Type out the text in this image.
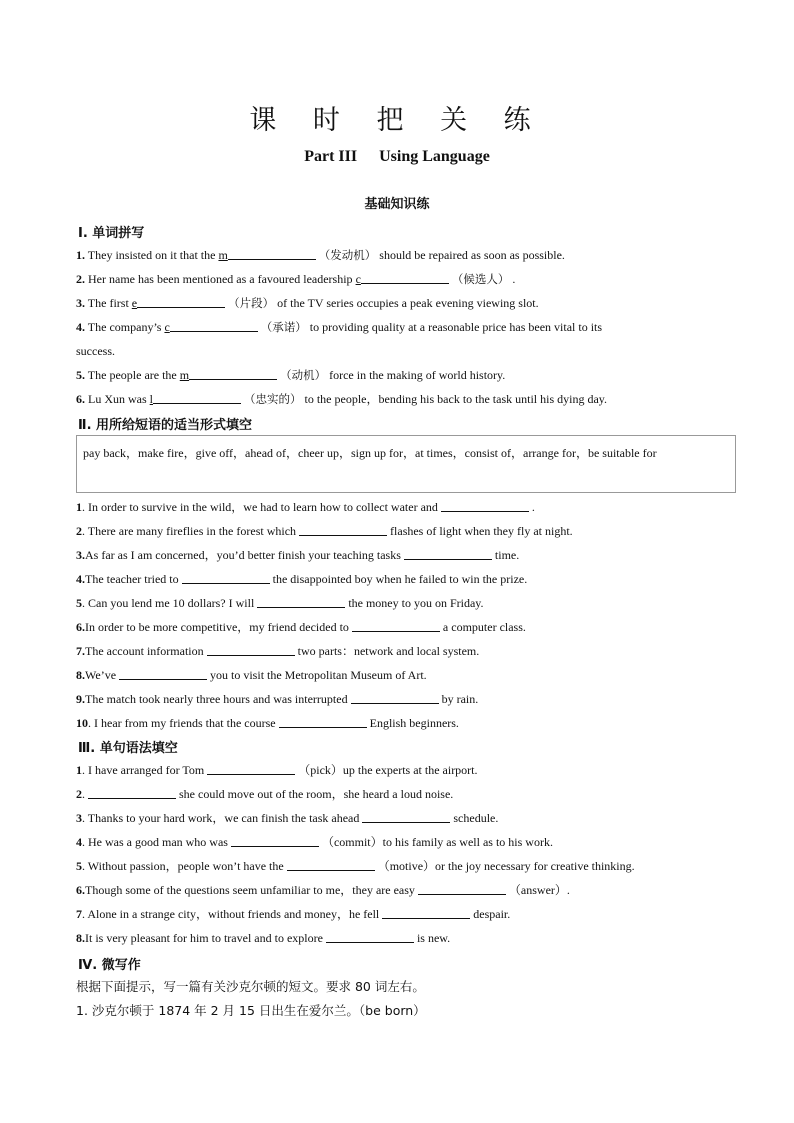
课 时 把 关 练
Part III Using Language
基础知识练
Ⅰ. 单词拼写
1. They insisted on it that the m	（发动机） should be repaired as soon as possible.
2. Her name has been mentioned as a favoured leadership c	（候选人） .
3. The first e	（片段） of the TV series occupies a peak evening viewing slot.
4. The company’s c	（承诺） to providing quality at a reasonable price has been vital to its
success.
5. The people are the m	（动机） force in the making of world history.
6. Lu Xun was l	（忠实的） to the people，bending his back to the task until his dying day.
Ⅱ. 用所给短语的适当形式填空
pay back，make fire，give off，ahead of，cheer up，sign up for，at times，consist of，arrange for，be suitable for
1. In order to survive in the wild，we had to learn how to collect water and	.
2. There are many fireflies in the forest which	flashes of light when they fly at night.
3.As far as I am concerned，you’d better finish your teaching tasks	time.
4.The teacher tried to	the disappointed boy when he failed to win the prize.
5. Can you lend me 10 dollars? I will	the money to you on Friday.
6.In order to be more competitive，my friend decided to	a computer class.
7.The account information	two parts：network and local system.
8.We’ve	you to visit the Metropolitan Museum of Art.
9.The match took nearly three hours and was interrupted	by rain.
10. I hear from my friends that the course	English beginners.
Ⅲ. 单句语法填空
1. I have arranged for Tom	（pick）up the experts at the airport.
2.	she could move out of the room，she heard a loud noise.
3. Thanks to your hard work，we can finish the task ahead	schedule.
4. He was a good man who was	（commit）to his family as well as to his work.
5. Without passion，people won’t have the	（motive）or the joy necessary for creative thinking.
6.Though some of the questions seem unfamiliar to me，they are easy	（answer）.
7. Alone in a strange city，without friends and money，he fell	despair.
8.It is very pleasant for him to travel and to explore	is new.
Ⅳ. 微写作
根据下面提示，写一篇有关沙克尔顿的短文。要求 80 词左右。
1. 沙克尔顿于 1874 年 2 月 15 日出生在爱尔兰。（be born）
